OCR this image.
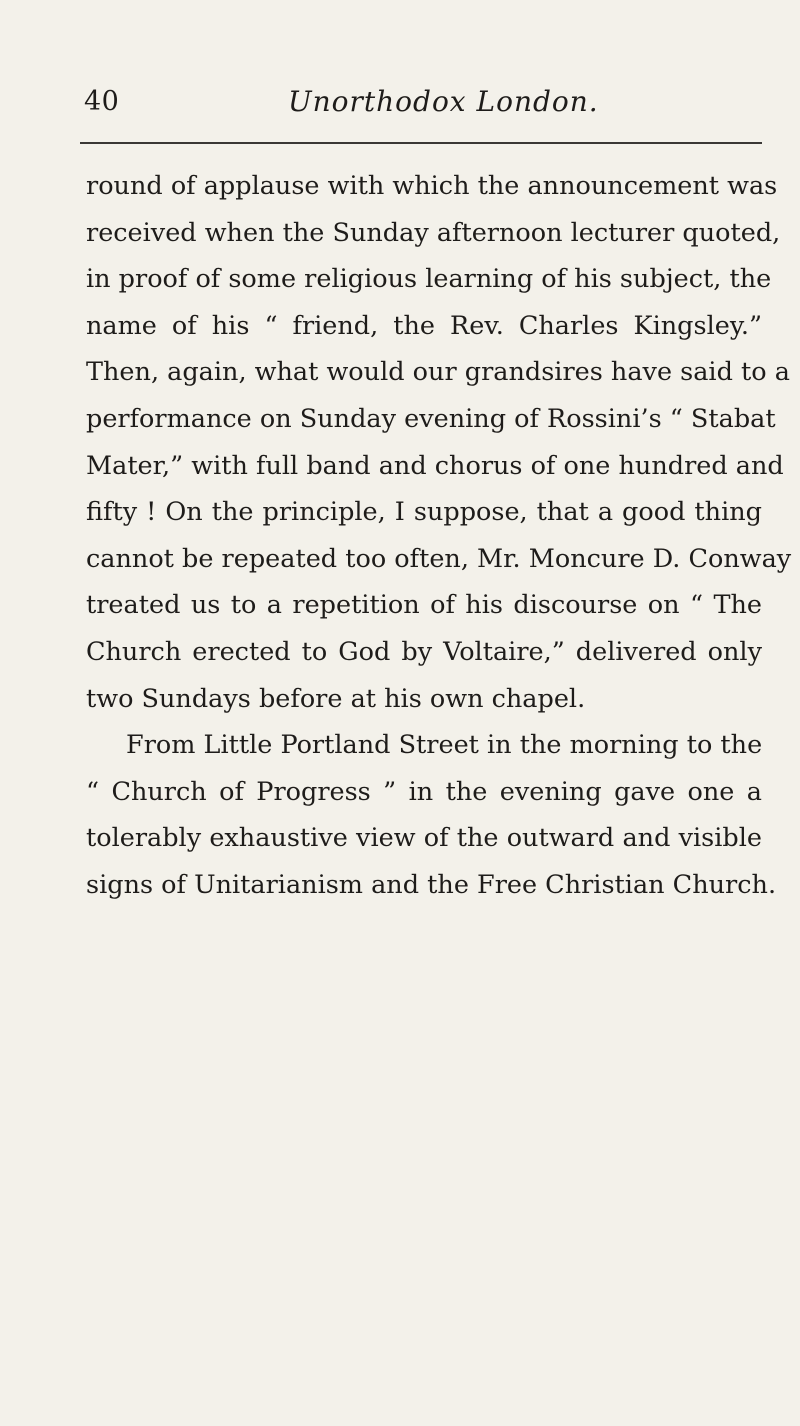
40	Unorthodox London.
round of applause with which the announcement was
received when the Sunday afternoon lecturer quoted,
in proof of some religious learning of his subject, the
name of his “ friend, the Rev. Charles Kingsley.”
Then, again, what would our grandsires have said to a
performance on Sunday evening of Rossini’s “ Stabat
Mater,” with full band and chorus of one hundred and
fifty ! On the principle, I suppose, that a good thing
cannot be repeated too often, Mr. Moncure D. Conway
treated us to a repetition of his discourse on “ The
Church erected to God by Voltaire,” delivered only
two Sundays before at his own chapel.
From Little Portland Street in the morning to the
“ Church of Progress ” in the evening gave one a
tolerably exhaustive view of the outward and visible
signs of Unitarianism and the Free Christian Church.
